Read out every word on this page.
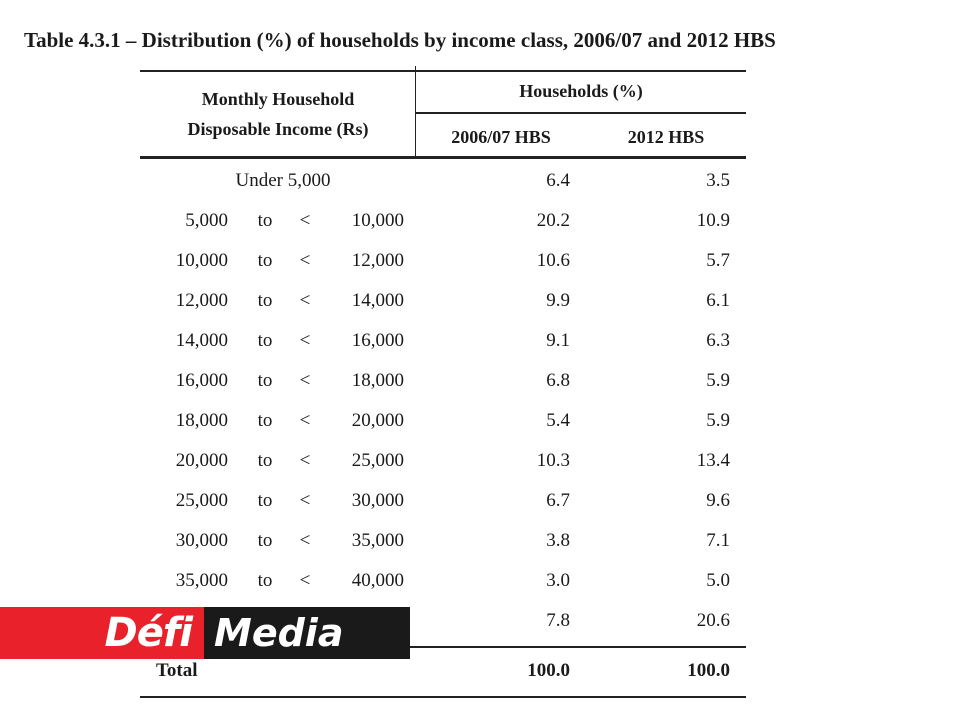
Table 4.3.1 – Distribution (%) of households by income class, 2006/07 and 2012 HBS
Monthly Household
Disposable Income (Rs)
Households (%)
2006/07 HBS	2012 HBS
Under 5,000	6.4	3.5
5,000	to	<	10,000	20.2	10.9
10,000	to	<	12,000	10.6	5.7
12,000	to	<	14,000	9.9	6.1
14,000	to	<	16,000	9.1	6.3
16,000	to	<	18,000	6.8	5.9
18,000	to	<	20,000	5.4	5.9
20,000	to	<	25,000	10.3	13.4
25,000	to	<	30,000	6.7	9.6
30,000	to	<	35,000	3.8	7.1
35,000	to	<	40,000	3.0	5.0
7.8	20.6
Total	100.0	100.0
Défi Media
